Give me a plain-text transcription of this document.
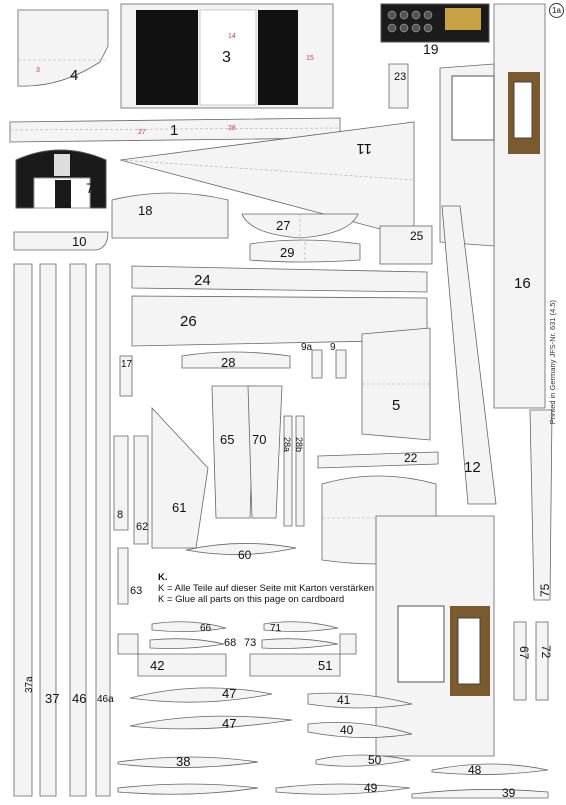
4
3
3
14
15
19
23
1
27
28
11
7
18
10
27
29
25
16
24
26
12
17	28
9a 9
5
37a
37 46 46a
65 70 28a 28b
61
62
8
22
60
63	75
67 72
66
68
71
73
42	51
47
47
41
40
38	50
49
48
39
1a
K.
K = Alle Teile auf dieser Seite mit Karton verstärken
K = Glue all parts on this page on cardboard
Printed in Germany JFS-Nr. 631 (4.5)
